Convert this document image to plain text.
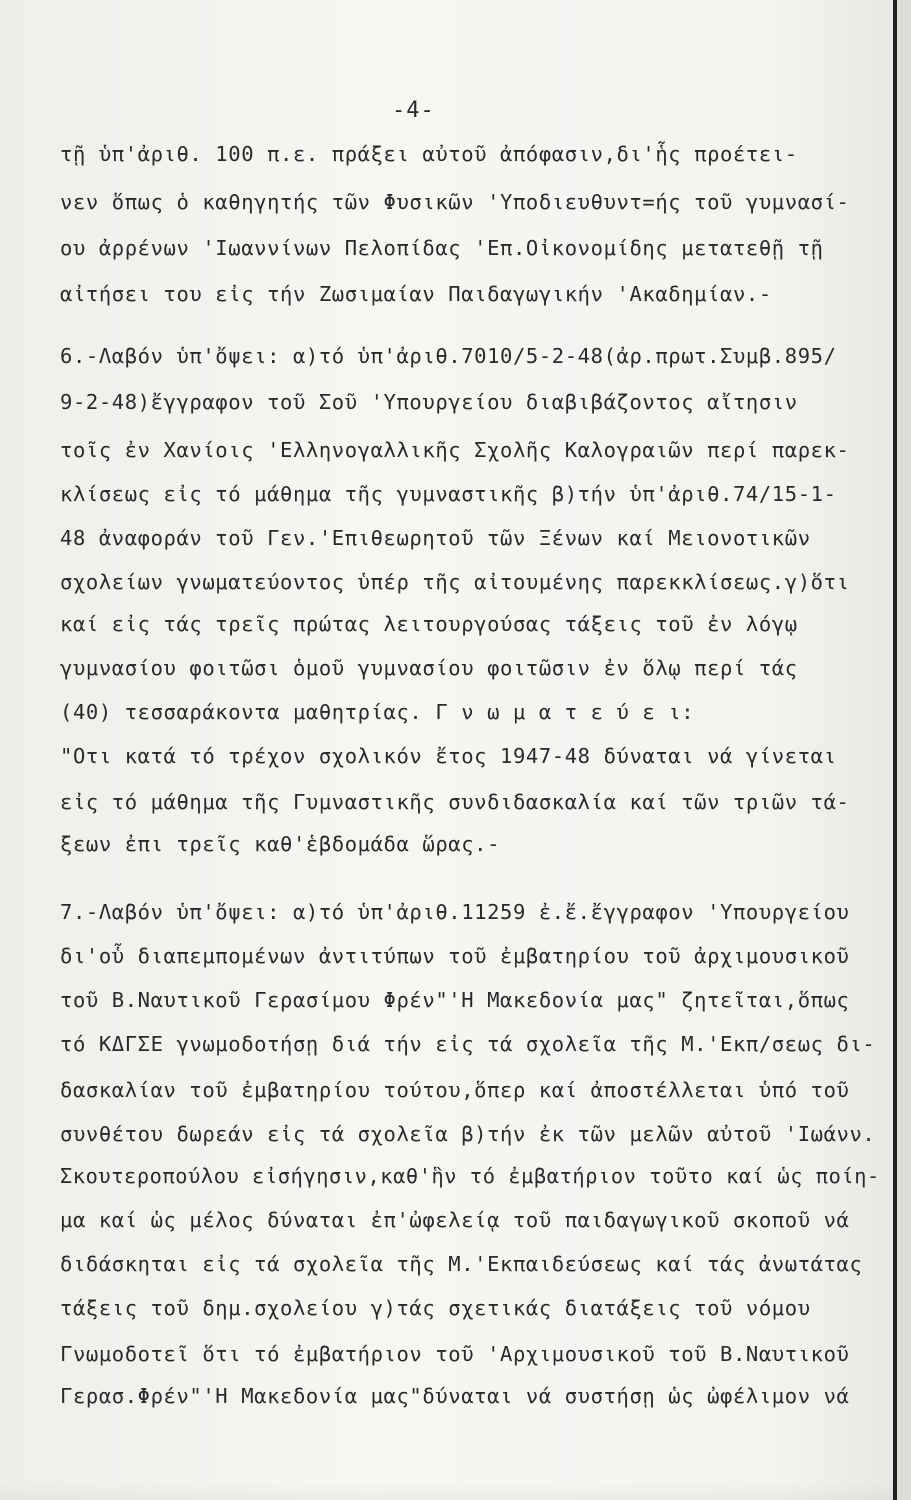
-4-
τῇ ὑπ'ἀριθ. 100 π.ε. πράξει αὐτοῦ ἀπόφασιν,δι'ἧς προέτει-
νεν ὅπως ὁ καθηγητής τῶν Φυσικῶν 'Υποδιευθυντ=ής τοῦ γυμνασί-
ου ἀρρένων 'Ιωαννίνων Πελοπίδας 'Επ.Οἰκονομίδης μετατεθῇ τῇ
αἰτήσει του εἰς τήν Ζωσιμαίαν Παιδαγωγικήν 'Ακαδημίαν.-
6.-Λαβόν ὑπ'ὄψει: α)τό ὑπ'ἀριθ.7010/5-2-48(ἀρ.πρωτ.Συμβ.895/
9-2-48)ἔγγραφον τοῦ Σοῦ 'Υπουργείου διαβιβάζοντος αἴτησιν
τοῖς ἐν Χανίοις 'Ελληνογαλλικῆς Σχολῆς Καλογραιῶν περί παρεκ-
κλίσεως εἰς τό μάθημα τῆς γυμναστικῆς β)τήν ὑπ'ἀριθ.74/15-1-
48 ἀναφοράν τοῦ Γεν.'Επιθεωρητοῦ τῶν Ξένων καί Μειονοτικῶν
σχολείων γνωματεύοντος ὑπέρ τῆς αἰτουμένης παρεκκλίσεως.γ)ὅτι
καί εἰς τάς τρεῖς πρώτας λειτουργούσας τάξεις τοῦ ἐν λόγῳ
γυμνασίου φοιτῶσι ὁμοῦ γυμνασίου φοιτῶσιν ἐν ὅλῳ περί τάς
(40) τεσσαράκοντα μαθητρίας. Γ ν ω μ α τ ε ύ ε ι:
"Οτι κατά τό τρέχον σχολικόν ἔτος 1947-48 δύναται νά γίνεται
εἰς τό μάθημα τῆς Γυμναστικῆς συνδιδασκαλία καί τῶν τριῶν τά-
ξεων ἐπι τρεῖς καθ'ἑβδομάδα ὥρας.-
7.-Λαβόν ὑπ'ὄψει: α)τό ὑπ'ἀριθ.11259 ἐ.ἔ.ἔγγραφον 'Υπουργείου
δι'οὗ διαπεμπομένων ἀντιτύπων τοῦ ἐμβατηρίου τοῦ ἀρχιμουσικοῦ
τοῦ Β.Ναυτικοῦ Γερασίμου Φρέν"'Η Μακεδονία μας" ζητεῖται,ὅπως
τό ΚΔΓΣΕ γνωμοδοτήσῃ διά τήν εἰς τά σχολεῖα τῆς Μ.'Εκπ/σεως δι-
δασκαλίαν τοῦ ἐμβατηρίου τούτου,ὅπερ καί ἀποστέλλεται ὑπό τοῦ
συνθέτου δωρεάν εἰς τά σχολεῖα β)τήν ἐκ τῶν μελῶν αὐτοῦ 'Ιωάνν.
Σκουτεροπούλου εἰσήγησιν,καθ'ἣν τό ἐμβατήριον τοῦτο καί ὡς ποίη-
μα καί ὡς μέλος δύναται ἐπ'ὠφελείᾳ τοῦ παιδαγωγικοῦ σκοποῦ νά
διδάσκηται εἰς τά σχολεῖα τῆς Μ.'Εκπαιδεύσεως καί τάς ἀνωτάτας
τάξεις τοῦ δημ.σχολείου γ)τάς σχετικάς διατάξεις τοῦ νόμου
Γνωμοδοτεῖ ὅτι τό ἐμβατήριον τοῦ 'Αρχιμουσικοῦ τοῦ Β.Ναυτικοῦ
Γερασ.Φρέν"'Η Μακεδονία μας"δύναται νά συστήσῃ ὡς ὠφέλιμον νά
